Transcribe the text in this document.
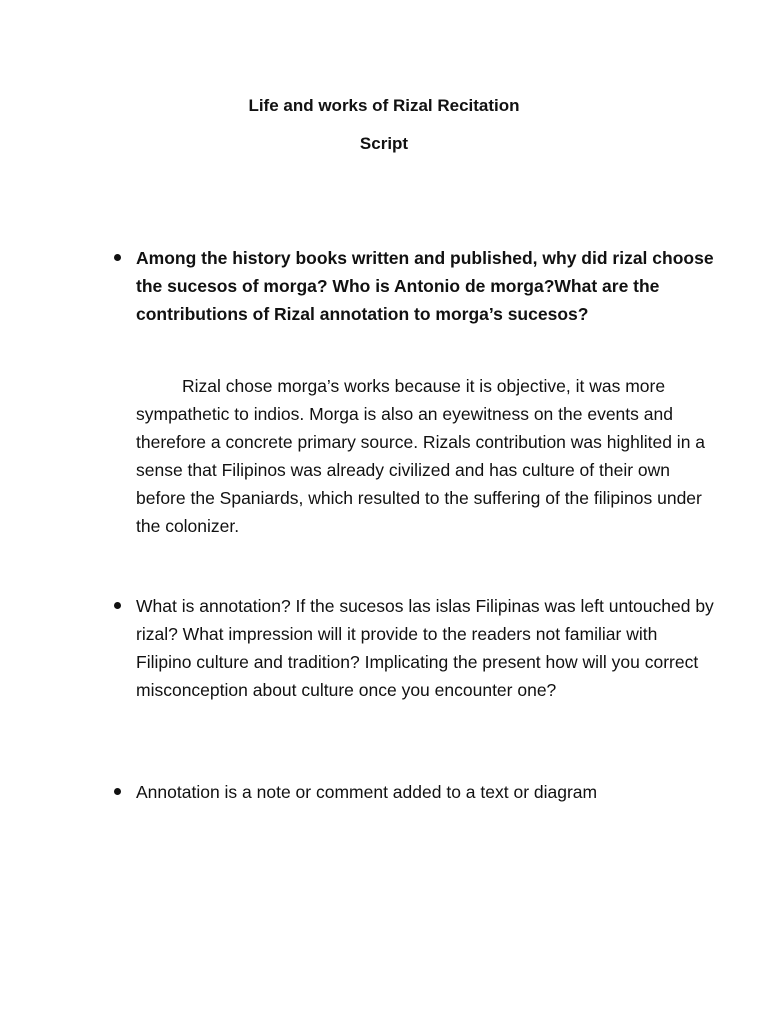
Life and works of Rizal Recitation
Script

Among the history books written and published, why did rizal choose the sucesos of morga? Who is Antonio de morga?What are the contributions of Rizal annotation to morga’s sucesos?

Rizal chose morga’s works because it is objective, it was more sympathetic to indios. Morga is also an eyewitness on the events and therefore a concrete primary source. Rizals contribution was highlited in a sense that Filipinos was already civilized and has culture of their own before the Spaniards, which resulted to the suffering of the filipinos under the colonizer.

What is annotation? If the sucesos las islas Filipinas was left untouched by rizal? What impression will it provide to the readers not familiar with Filipino culture and tradition? Implicating the present how will you correct misconception about culture once you encounter one?

Annotation is a note or comment added to a text or diagram
